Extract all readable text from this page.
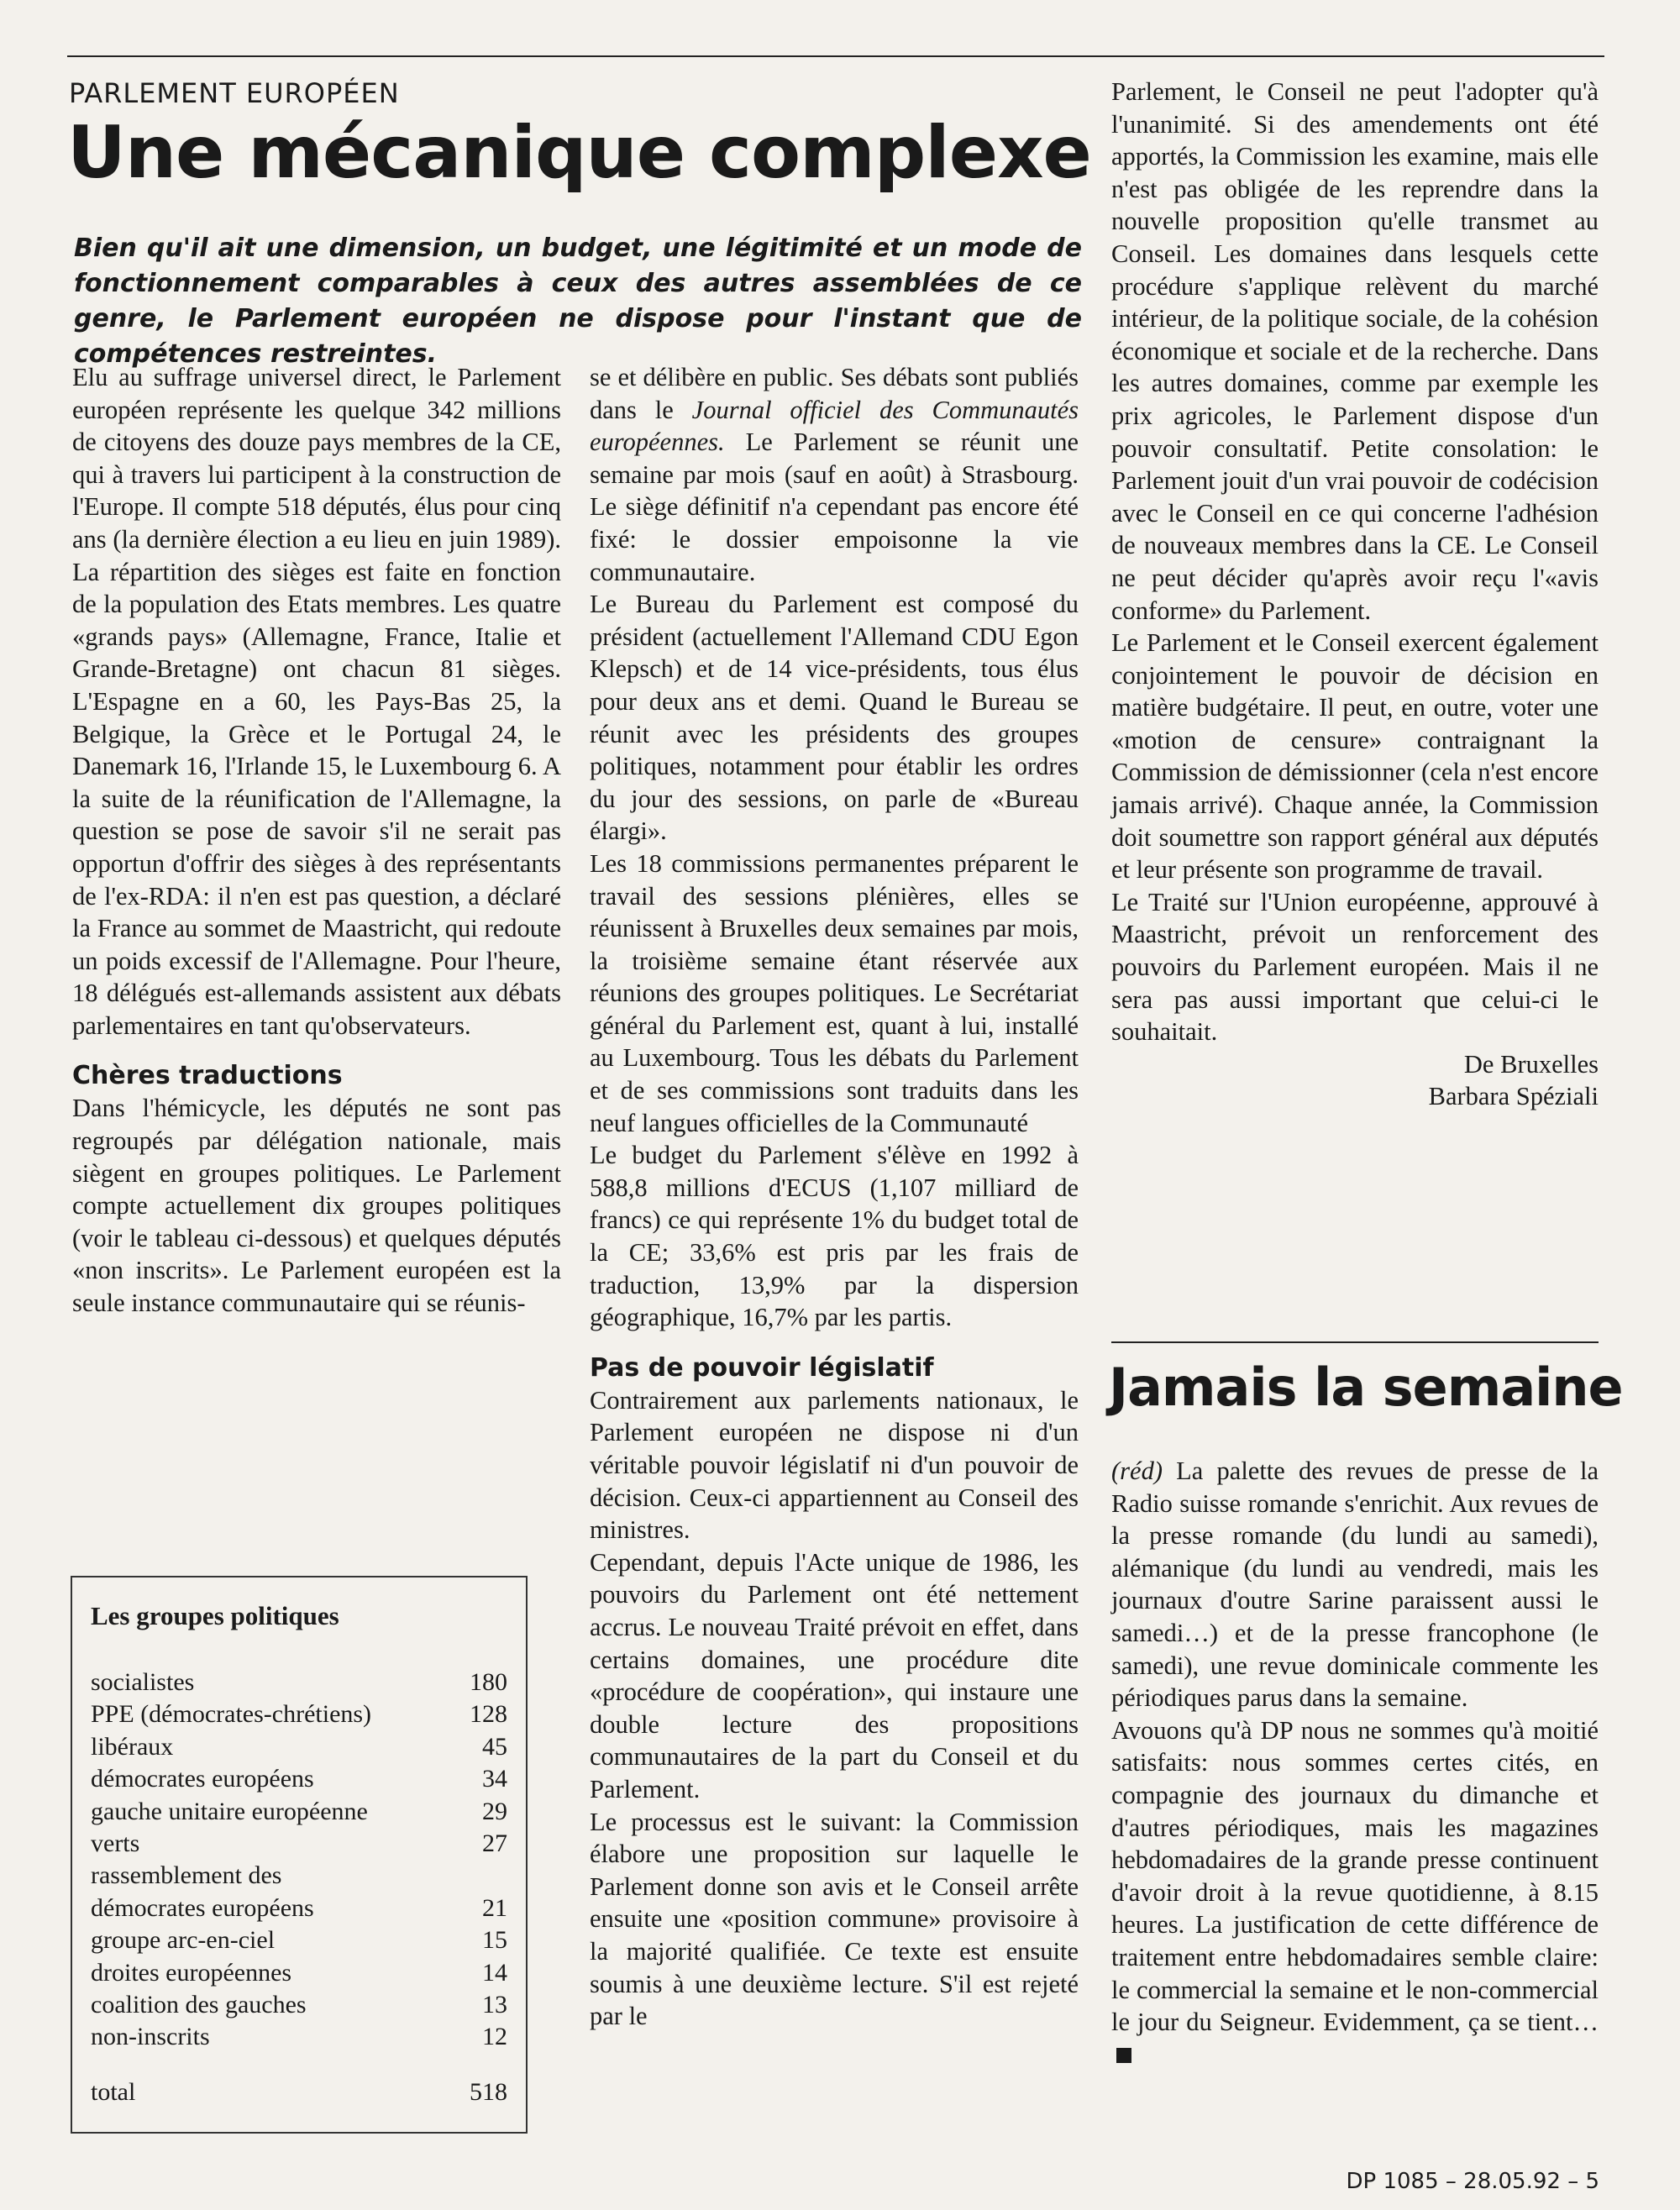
PARLEMENT EUROPÉEN
Une mécanique complexe
Bien qu'il ait une dimension, un budget, une légitimité et un mode de fonctionnement comparables à ceux des autres assemblées de ce genre, le Parlement européen ne dispose pour l'instant que de compétences restreintes.

Elu au suffrage universel direct, le Parlement européen représente les quelque 342 millions de citoyens des douze pays membres de la CE, qui à travers lui participent à la construction de l'Europe. Il compte 518 députés, élus pour cinq ans (la dernière élection a eu lieu en juin 1989). La répartition des sièges est faite en fonction de la population des Etats membres. Les quatre «grands pays» (Allemagne, France, Italie et Grande-Bretagne) ont chacun 81 sièges. L'Espagne en a 60, les Pays-Bas 25, la Belgique, la Grèce et le Portugal 24, le Danemark 16, l'Irlande 15, le Luxembourg 6. A la suite de la réunification de l'Allemagne, la question se pose de savoir s'il ne serait pas opportun d'offrir des sièges à des représentants de l'ex-RDA: il n'en est pas question, a déclaré la France au sommet de Maastricht, qui redoute un poids excessif de l'Allemagne. Pour l'heure, 18 délégués est-allemands assistent aux débats parlementaires en tant qu'observateurs.

Chères traductions

Dans l'hémicycle, les députés ne sont pas regroupés par délégation nationale, mais siègent en groupes politiques. Le Parlement compte actuellement dix groupes politiques (voir le tableau ci-dessous) et quelques députés «non inscrits». Le Parlement européen est la seule instance communautaire qui se réunis-

se et délibère en public. Ses débats sont publiés dans le Journal officiel des Communautés européennes. Le Parlement se réunit une semaine par mois (sauf en août) à Strasbourg. Le siège définitif n'a cependant pas encore été fixé: le dossier empoisonne la vie communautaire.

Le Bureau du Parlement est composé du président (actuellement l'Allemand CDU Egon Klepsch) et de 14 vice-présidents, tous élus pour deux ans et demi. Quand le Bureau se réunit avec les présidents des groupes politiques, notamment pour établir les ordres du jour des sessions, on parle de «Bureau élargi».

Les 18 commissions permanentes préparent le travail des sessions plénières, elles se réunissent à Bruxelles deux semaines par mois, la troisième semaine étant réservée aux réunions des groupes politiques. Le Secrétariat général du Parlement est, quant à lui, installé au Luxembourg. Tous les débats du Parlement et de ses commissions sont traduits dans les neuf langues officielles de la Communauté

Le budget du Parlement s'élève en 1992 à 588,8 millions d'ECUS (1,107 milliard de francs) ce qui représente 1% du budget total de la CE; 33,6% est pris par les frais de traduction, 13,9% par la dispersion géographique, 16,7% par les partis.

Pas de pouvoir législatif

Contrairement aux parlements nationaux, le Parlement européen ne dispose ni d'un véritable pouvoir législatif ni d'un pouvoir de décision. Ceux-ci appartiennent au Conseil des ministres.

Cependant, depuis l'Acte unique de 1986, les pouvoirs du Parlement ont été nettement accrus. Le nouveau Traité prévoit en effet, dans certains domaines, une procédure dite «procédure de coopération», qui instaure une double lecture des propositions communautaires de la part du Conseil et du Parlement.

Le processus est le suivant: la Commission élabore une proposition sur laquelle le Parlement donne son avis et le Conseil arrête ensuite une «position commune» provisoire à la majorité qualifiée. Ce texte est ensuite soumis à une deuxième lecture. S'il est rejeté par le

Parlement, le Conseil ne peut l'adopter qu'à l'unanimité. Si des amendements ont été apportés, la Commission les examine, mais elle n'est pas obligée de les reprendre dans la nouvelle proposition qu'elle transmet au Conseil. Les domaines dans lesquels cette procédure s'applique relèvent du marché intérieur, de la politique sociale, de la cohésion économique et sociale et de la recherche. Dans les autres domaines, comme par exemple les prix agricoles, le Parlement dispose d'un pouvoir consultatif. Petite consolation: le Parlement jouit d'un vrai pouvoir de codécision avec le Conseil en ce qui concerne l'adhésion de nouveaux membres dans la CE. Le Conseil ne peut décider qu'après avoir reçu l'«avis conforme» du Parlement.

Le Parlement et le Conseil exercent également conjointement le pouvoir de décision en matière budgétaire. Il peut, en outre, voter une «motion de censure» contraignant la Commission de démissionner (cela n'est encore jamais arrivé). Chaque année, la Commission doit soumettre son rapport général aux députés et leur présente son programme de travail.

Le Traité sur l'Union européenne, approuvé à Maastricht, prévoit un renforcement des pouvoirs du Parlement européen. Mais il ne sera pas aussi important que celui-ci le souhaitait.

De Bruxelles

Barbara Spéziali

Les groupes politiques
socialistes	180
PPE (démocrates-chrétiens)	128
libéraux	45
démocrates européens	34
gauche unitaire européenne	29
verts	27
rassemblement des
démocrates européens	21
groupe arc-en-ciel	15
droites européennes	14
coalition des gauches	13
non-inscrits	12
total	518
Jamais la semaine

(réd) La palette des revues de presse de la Radio suisse romande s'enrichit. Aux revues de la presse romande (du lundi au samedi), alémanique (du lundi au vendredi, mais les journaux d'outre Sarine paraissent aussi le samedi…) et de la presse francophone (le samedi), une revue dominicale commente les périodiques parus dans la semaine.

Avouons qu'à DP nous ne sommes qu'à moitié satisfaits: nous sommes certes cités, en compagnie des journaux du dimanche et d'autres périodiques, mais les magazines hebdomadaires de la grande presse continuent d'avoir droit à la revue quotidienne, à 8.15 heures. La justification de cette différence de traitement entre hebdomadaires semble claire: le commercial la semaine et le non-commercial le jour du Seigneur. Evidemment, ça se tient…

DP 1085 – 28.05.92 – 5
